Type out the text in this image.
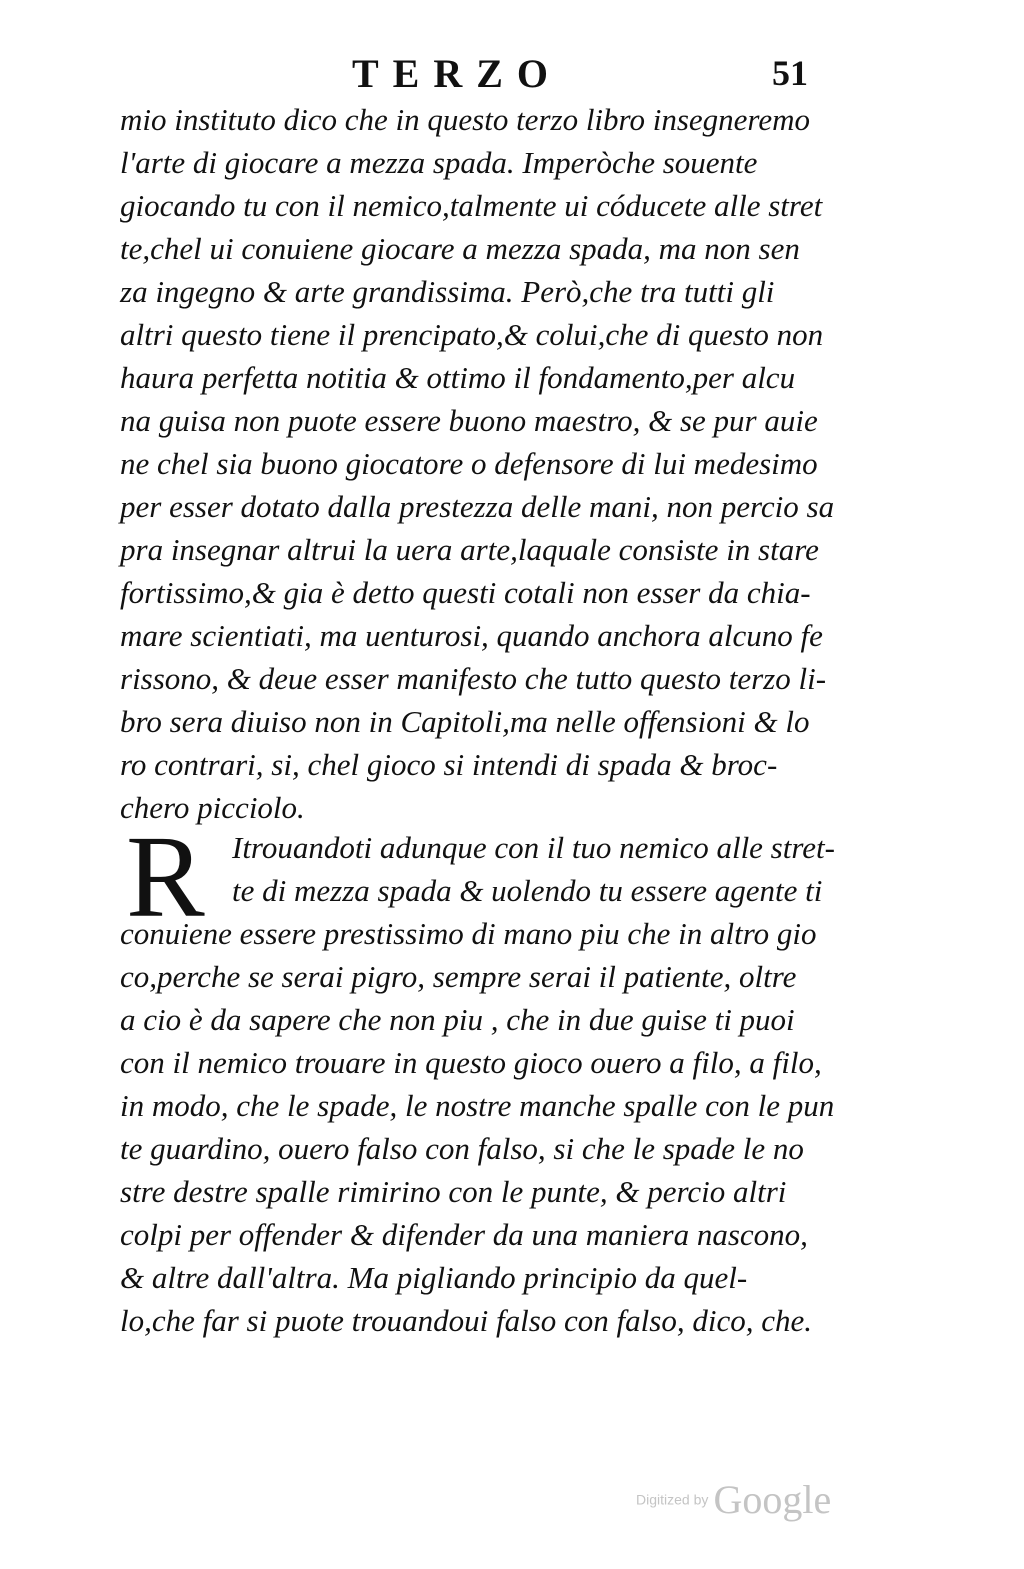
TERZO	51
mio instituto dico che in questo terzo libro insegneremo
l'arte di giocare a mezza spada. Imperòche souente
giocando tu con il nemico,talmente ui códucete alle stret
te,chel ui conuiene giocare a mezza spada, ma non sen
za ingegno & arte grandissima. Però,che tra tutti gli
altri questo tiene il prencipato,& colui,che di questo non
haura perfetta notitia & ottimo il fondamento,per alcu
na guisa non puote essere buono maestro, & se pur auie
ne chel sia buono giocatore o defensore di lui medesimo
per esser dotato dalla prestezza delle mani, non percio sa
pra insegnar altrui la uera arte,laquale consiste in stare
fortissimo,& gia è detto questi cotali non esser da chia-
mare scientiati, ma uenturosi, quando anchora alcuno fe
rissono, & deue esser manifesto che tutto questo terzo li-
bro sera diuiso non in Capitoli,ma nelle offensioni & lo
ro contrari, si, chel gioco si intendi di spada & broc-
chero picciolo.
R Itrouandoti adunque con il tuo nemico alle stret-
te di mezza spada & uolendo tu essere agente ti
conuiene essere prestissimo di mano piu che in altro gio
co,perche se serai pigro, sempre serai il patiente, oltre
a cio è da sapere che non piu , che in due guise ti puoi
con il nemico trouare in questo gioco ouero a filo, a filo,
in modo, che le spade, le nostre manche spalle con le pun
te guardino, ouero falso con falso, si che le spade le no
stre destre spalle rimirino con le punte, & percio altri
colpi per offender & difender da una maniera nascono,
& altre dall'altra. Ma pigliando principio da quel-
lo,che far si puote trouandoui falso con falso, dico, che.
Digitized by Google
